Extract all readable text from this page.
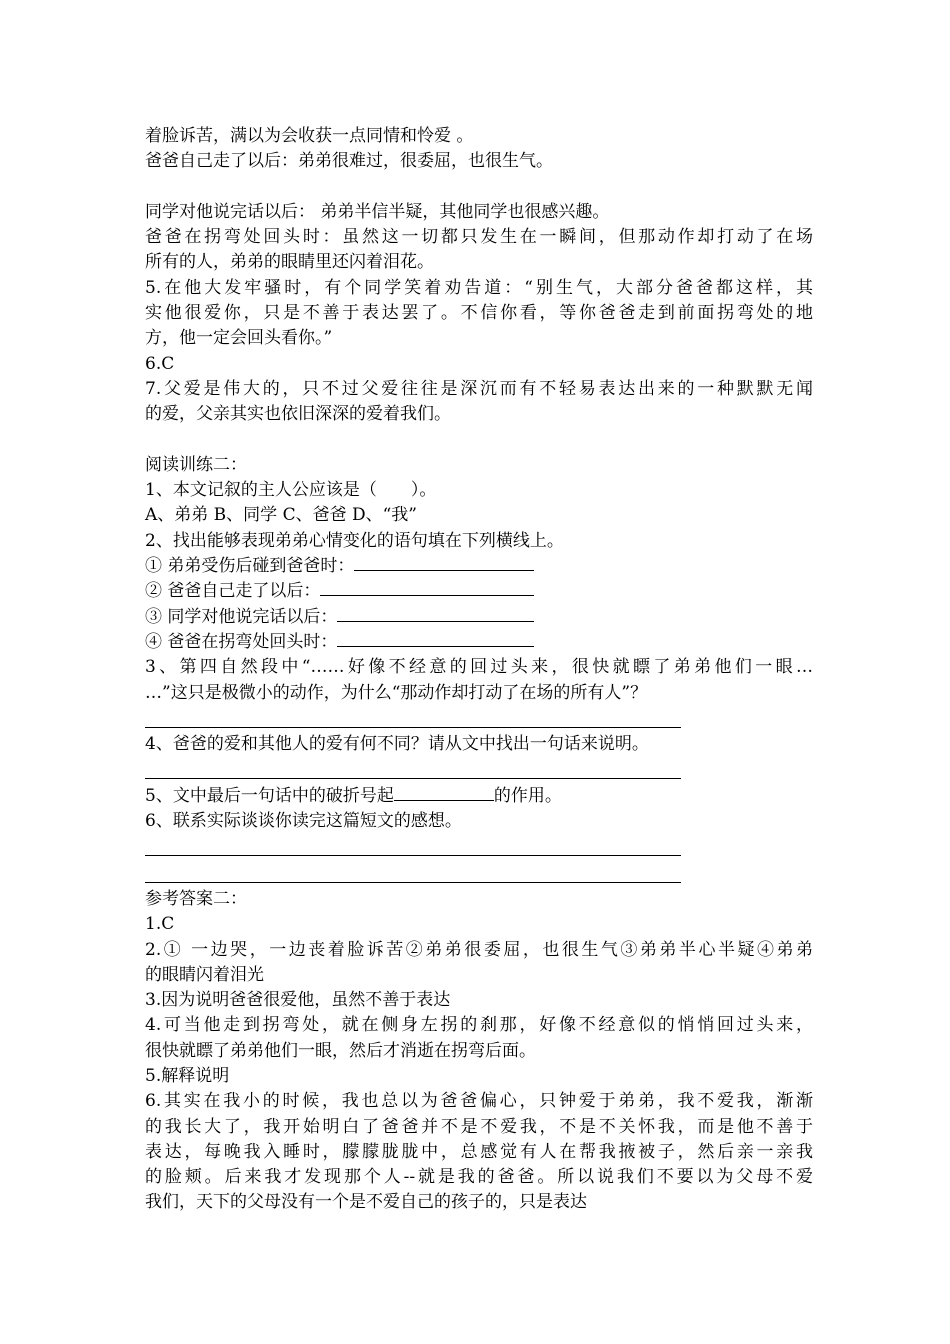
着脸诉苦，满以为会收获一点同情和怜爱 。
爸爸自己走了以后：弟弟很难过，很委屈，也很生气。
同学对他说完话以后： 弟弟半信半疑，其他同学也很感兴趣。
爸爸在拐弯处回头时：虽然这一切都只发生在一瞬间，但那动作却打动了在场
所有的人，弟弟的眼睛里还闪着泪花。
5.在他大发牢骚时，有个同学笑着劝告道：“别生气，大部分爸爸都这样，其
实他很爱你，只是不善于表达罢了。不信你看，等你爸爸走到前面拐弯处的地
方，他一定会回头看你。”
6.C
7.父爱是伟大的，只不过父爱往往是深沉而有不轻易表达出来的一种默默无闻
的爱，父亲其实也依旧深深的爱着我们。
阅读训练二：
1、本文记叙的主人公应该是（　　）。
A、弟弟 B、同学 C、爸爸 D、“我”
2、找出能够表现弟弟心情变化的语句填在下列横线上。
① 弟弟受伤后碰到爸爸时：
② 爸爸自己走了以后：
③ 同学对他说完话以后：
④ 爸爸在拐弯处回头时：
3、第四自然段中“……好像不经意的回过头来，很快就瞟了弟弟他们一眼…
…”这只是极微小的动作，为什么“那动作却打动了在场的所有人”？
4、爸爸的爱和其他人的爱有何不同？请从文中找出一句话来说明。
5、文中最后一句话中的破折号起	的作用。
6、联系实际谈谈你读完这篇短文的感想。
参考答案二：
1.C
2.① 一边哭，一边丧着脸诉苦②弟弟很委屈，也很生气③弟弟半心半疑④弟弟
的眼睛闪着泪光
3.因为说明爸爸很爱他，虽然不善于表达
4.可当他走到拐弯处，就在侧身左拐的刹那，好像不经意似的悄悄回过头来，
很快就瞟了弟弟他们一眼，然后才消逝在拐弯后面。
5.解释说明
6.其实在我小的时候，我也总以为爸爸偏心，只钟爱于弟弟，我不爱我，渐渐
的我长大了，我开始明白了爸爸并不是不爱我，不是不关怀我，而是他不善于
表达，每晚我入睡时，朦朦胧胧中，总感觉有人在帮我掖被子，然后亲一亲我
的脸颊。后来我才发现那个人--就是我的爸爸。所以说我们不要以为父母不爱
我们，天下的父母没有一个是不爱自己的孩子的，只是表达
